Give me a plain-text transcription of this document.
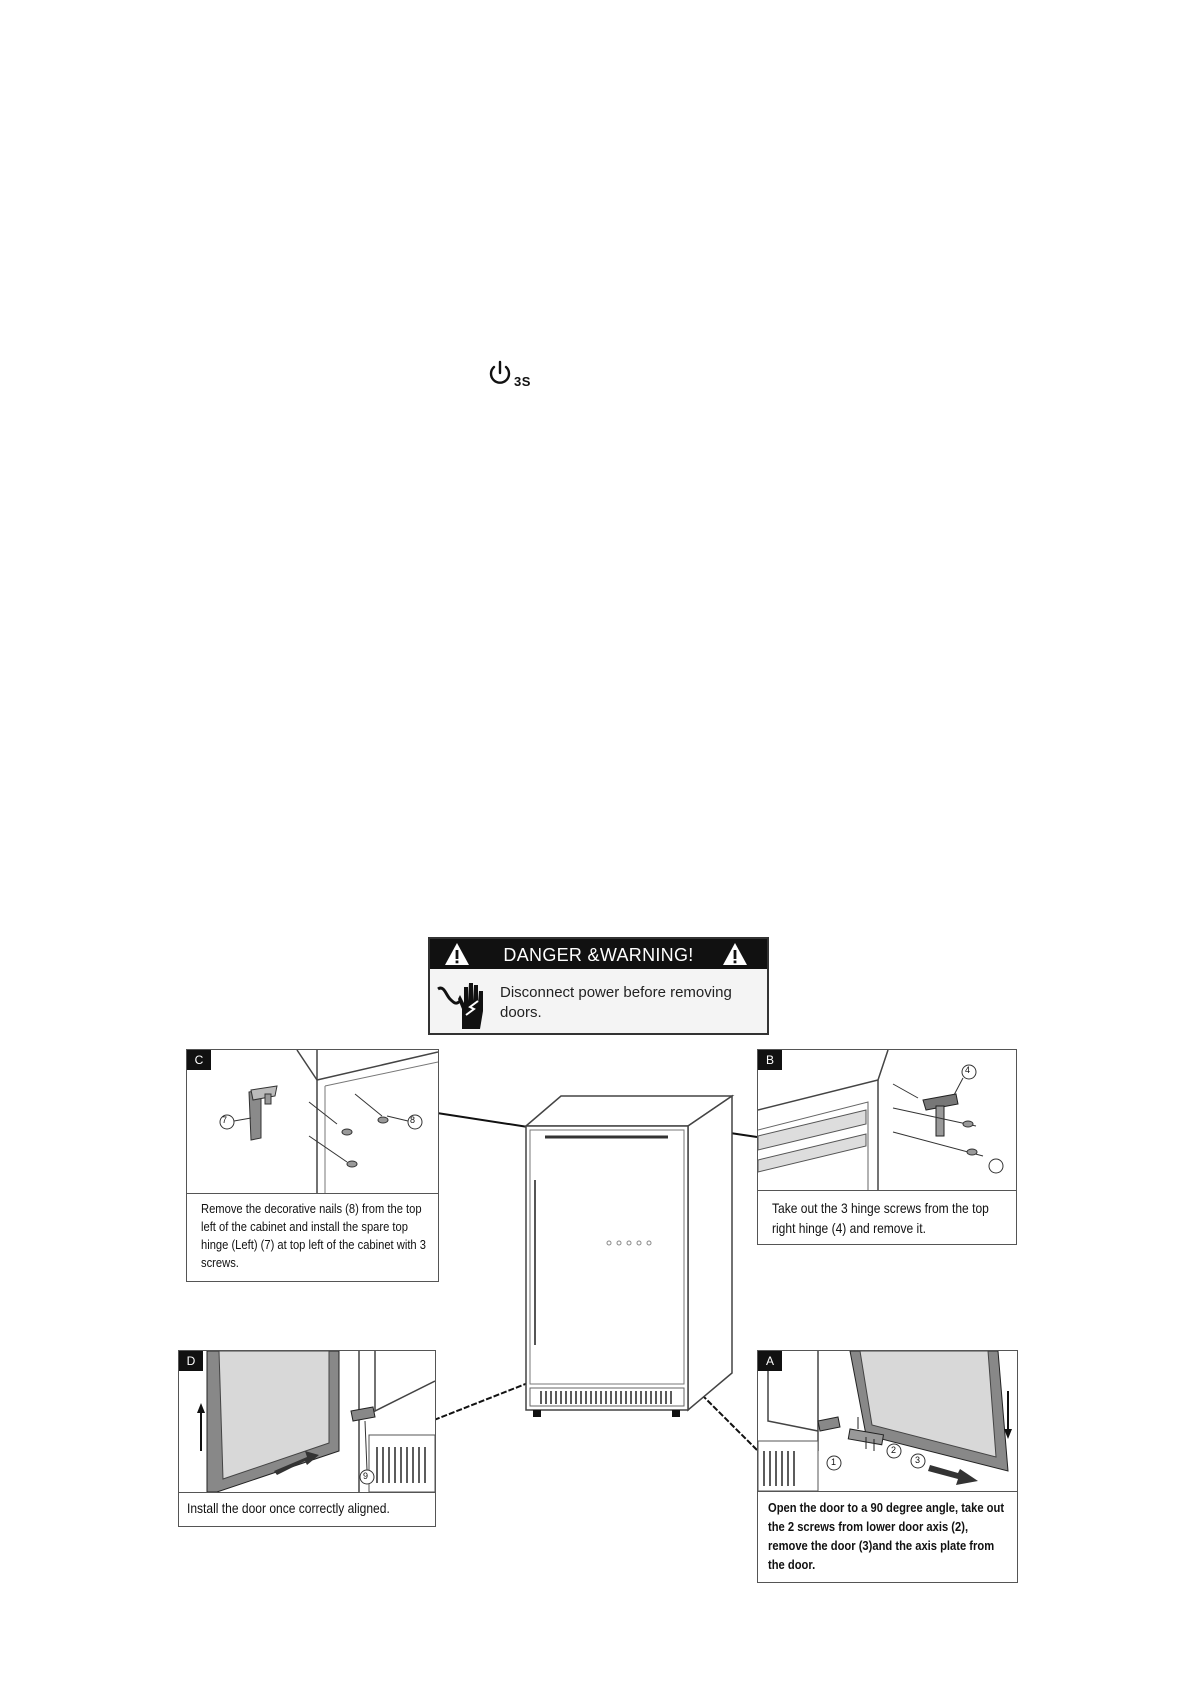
3S
DANGER &WARNING!
Disconnect power before removing doors.
C
7	8
Remove the decorative nails (8) from the top left of the cabinet and install the spare top hinge (Left) (7) at top left of the cabinet with 3 screws.
B
4
Take out the 3 hinge screws from the top right hinge (4) and remove it.
D
9
Install the door once correctly aligned.
A
1
2
3
Open the door to a 90 degree angle, take out the 2 screws from lower door axis (2), remove the door (3)and the axis plate from the door.
